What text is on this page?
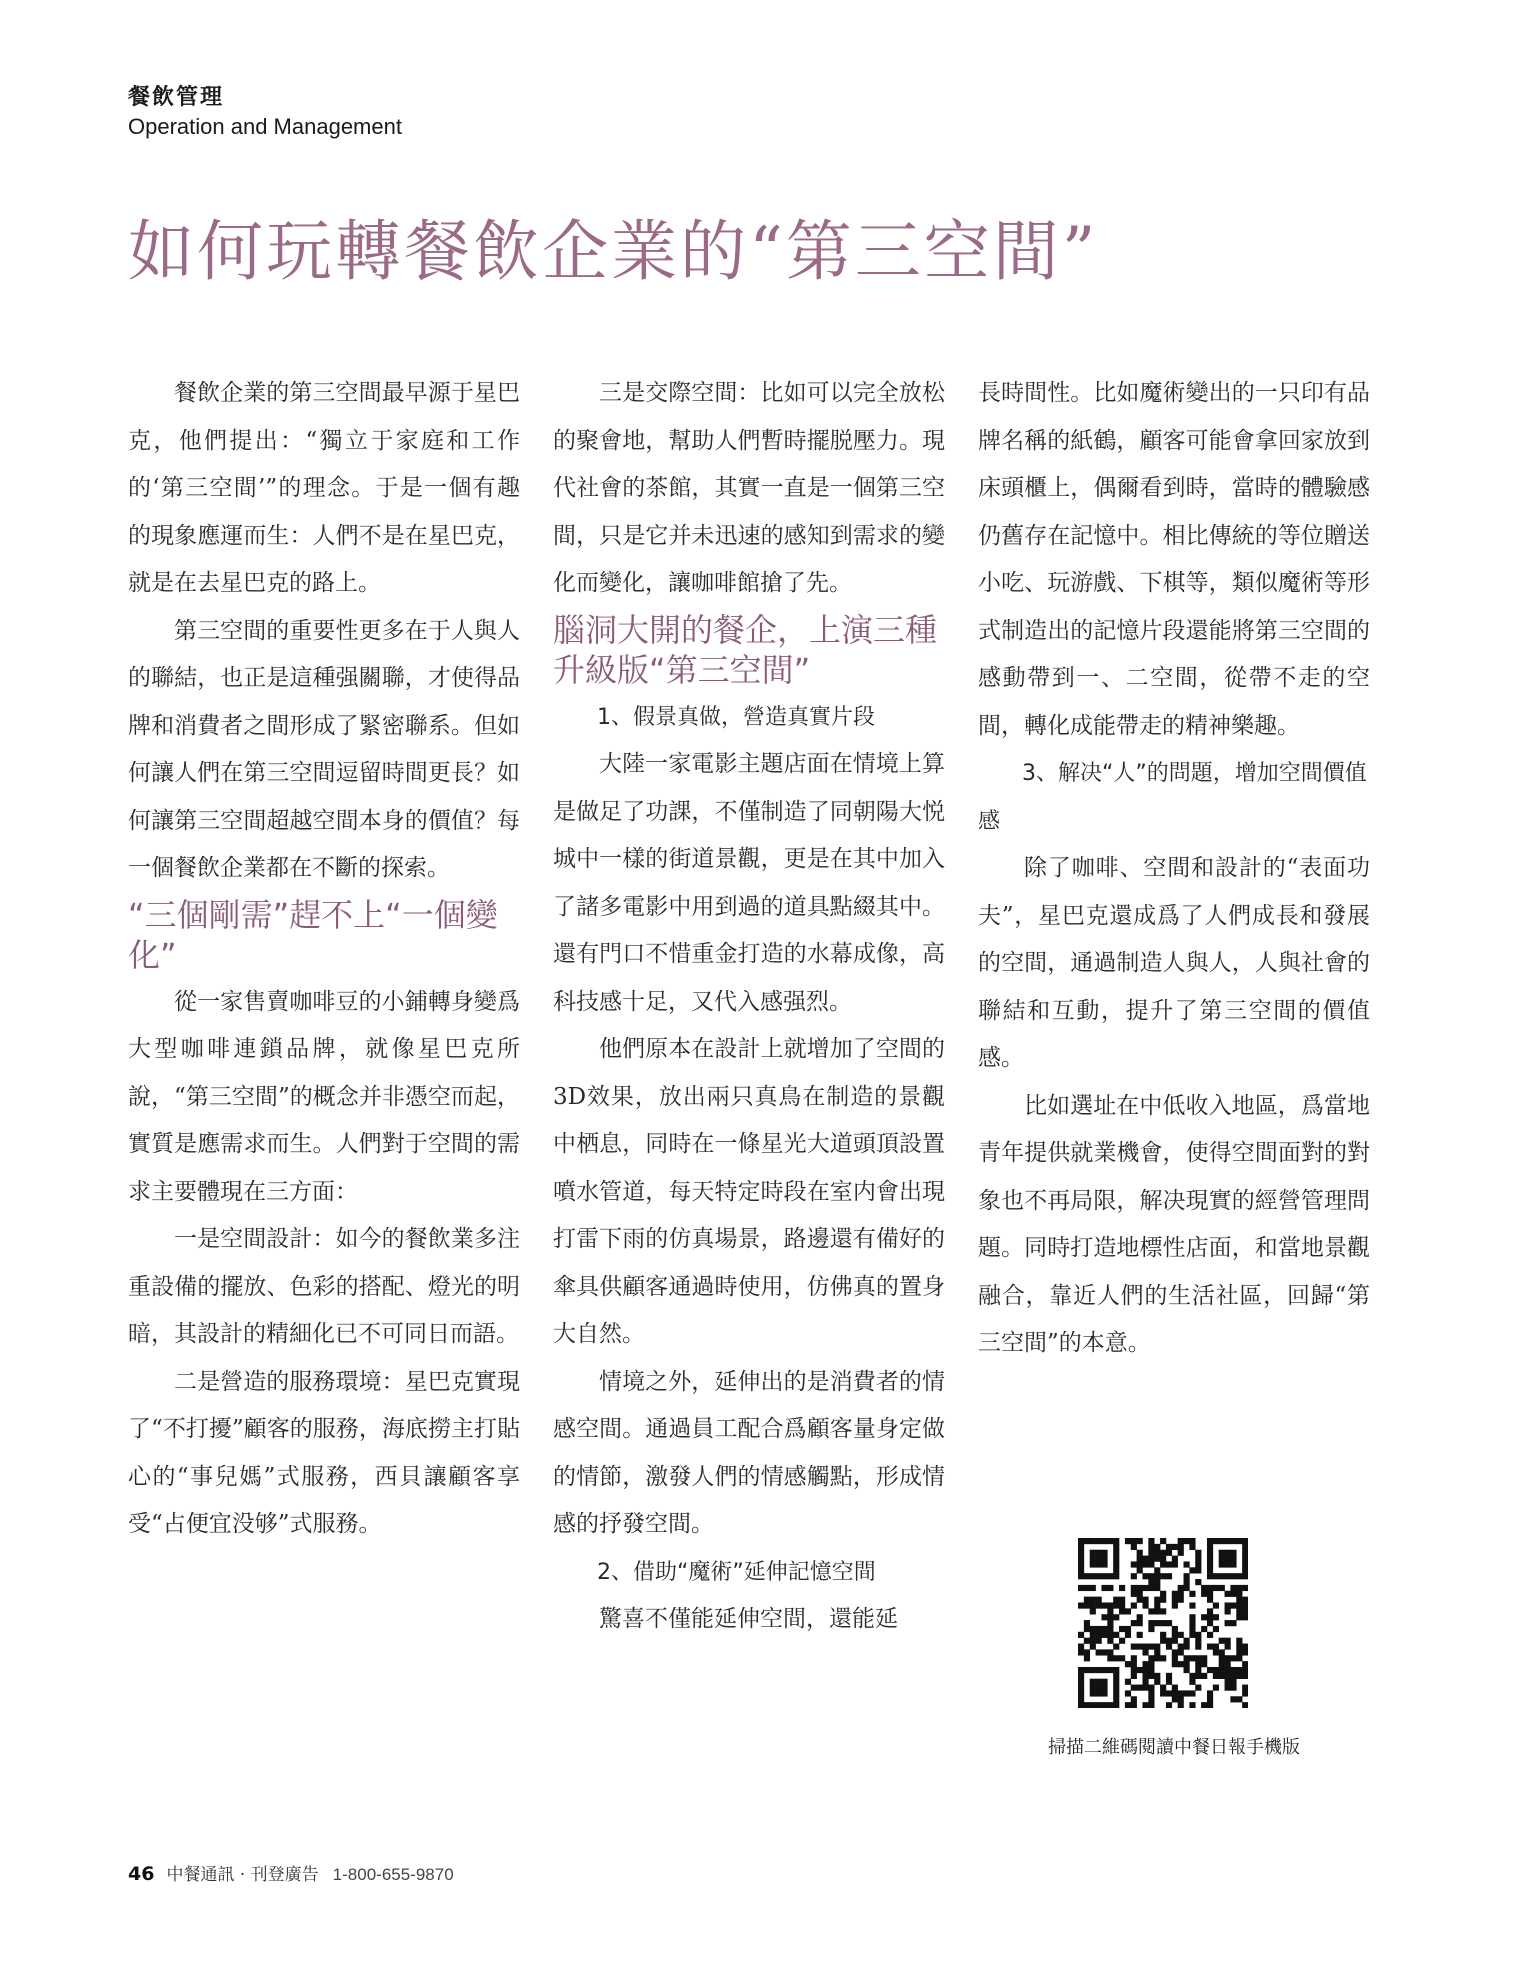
餐飲管理
Operation and Management
如何玩轉餐飲企業的“第三空間”

餐飲企業的第三空間最早源于星巴克，他們提出：“獨立于家庭和工作的‘第三空間’”的理念。于是一個有趣的現象應運而生：人們不是在星巴克，就是在去星巴克的路上。

第三空間的重要性更多在于人與人的聯結，也正是這種强關聯，才使得品牌和消費者之間形成了緊密聯系。但如何讓人們在第三空間逗留時間更長？如何讓第三空間超越空間本身的價值？每一個餐飲企業都在不斷的探索。

“三個剛需”趕不上“一個變化”

從一家售賣咖啡豆的小鋪轉身變爲大型咖啡連鎖品牌，就像星巴克所說，“第三空間”的概念并非憑空而起，實質是應需求而生。人們對于空間的需求主要體現在三方面：

一是空間設計：如今的餐飲業多注重設備的擺放、色彩的搭配、燈光的明暗，其設計的精細化已不可同日而語。

二是營造的服務環境：星巴克實現了“不打擾”顧客的服務，海底撈主打貼心的“事兒媽”式服務，西貝讓顧客享受“占便宜没够”式服務。

三是交際空間：比如可以完全放松的聚會地，幫助人們暫時擺脱壓力。現代社會的茶館，其實一直是一個第三空間，只是它并未迅速的感知到需求的變化而變化，讓咖啡館搶了先。

腦洞大開的餐企，上演三種升級版“第三空間”

1、假景真做，營造真實片段

大陸一家電影主題店面在情境上算是做足了功課，不僅制造了同朝陽大悦城中一樣的街道景觀，更是在其中加入了諸多電影中用到過的道具點綴其中。還有門口不惜重金打造的水幕成像，高科技感十足，又代入感强烈。

他們原本在設計上就增加了空間的3D效果，放出兩只真鳥在制造的景觀中栖息，同時在一條星光大道頭頂設置噴水管道，每天特定時段在室内會出現打雷下雨的仿真場景，路邊還有備好的傘具供顧客通過時使用，仿佛真的置身大自然。

情境之外，延伸出的是消費者的情感空間。通過員工配合爲顧客量身定做的情節，激發人們的情感觸點，形成情感的抒發空間。

2、借助“魔術”延伸記憶空間

驚喜不僅能延伸空間，還能延

長時間性。比如魔術變出的一只印有品牌名稱的紙鶴，顧客可能會拿回家放到床頭櫃上，偶爾看到時，當時的體驗感仍舊存在記憶中。相比傳統的等位贈送小吃、玩游戲、下棋等，類似魔術等形式制造出的記憶片段還能將第三空間的感動帶到一、二空間，從帶不走的空間，轉化成能帶走的精神樂趣。

3、解决“人”的問題，增加空間價值感

除了咖啡、空間和設計的“表面功夫”，星巴克還成爲了人們成長和發展的空間，通過制造人與人，人與社會的聯結和互動，提升了第三空間的價值感。

比如選址在中低收入地區，爲當地青年提供就業機會，使得空間面對的對象也不再局限，解决現實的經營管理問題。同時打造地標性店面，和當地景觀融合，靠近人們的生活社區，回歸“第三空間”的本意。

掃描二維碼閱讀中餐日報手機版
46 中餐通訊 · 刊登廣告 1-800-655-9870
